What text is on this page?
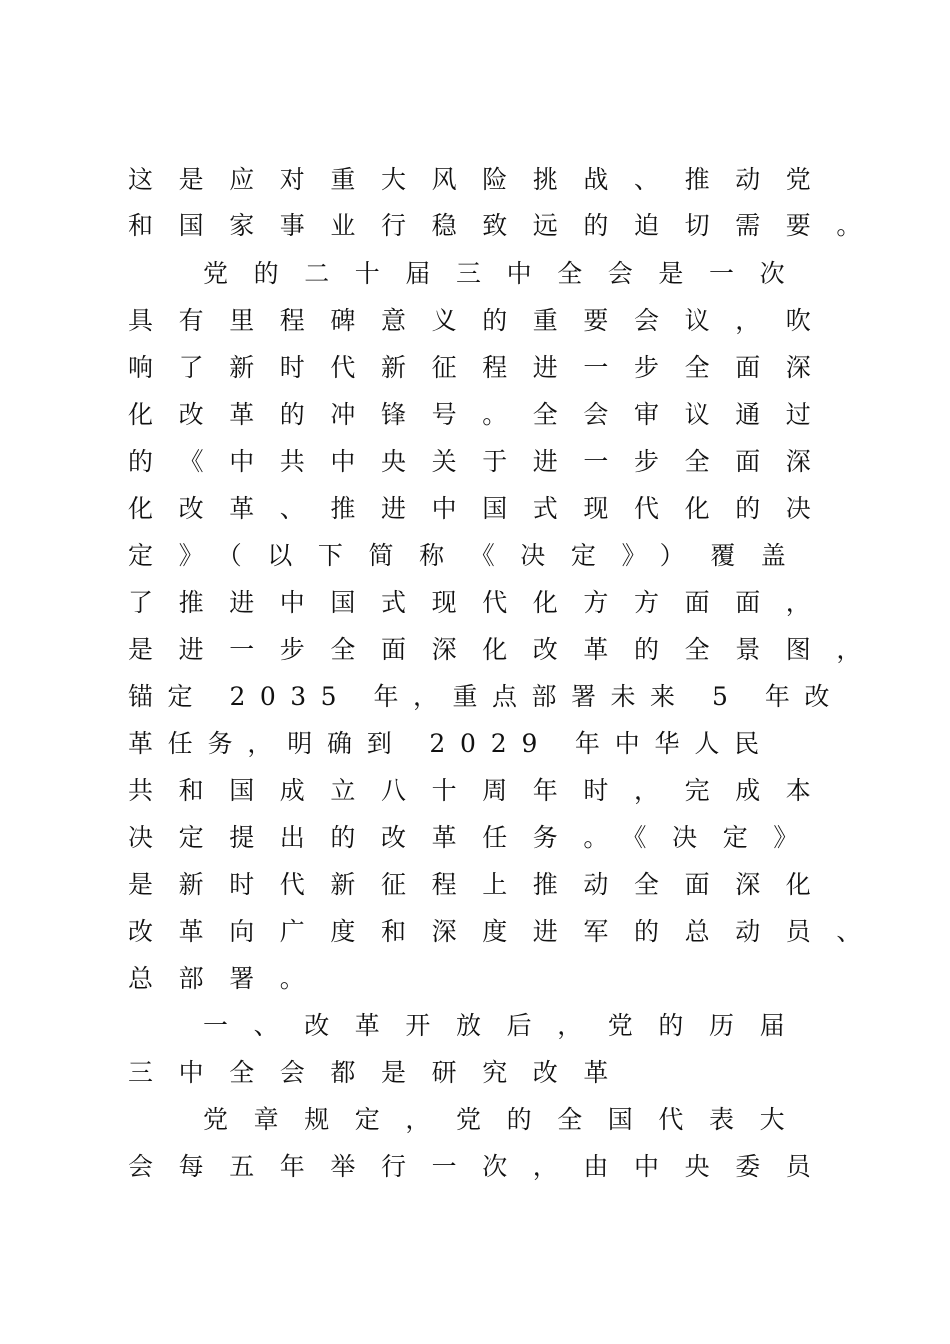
这是应对重大风险挑战、推动党
和国家事业行稳致远的迫切需要。
党的二十届三中全会是一次
具有里程碑意义的重要会议，吹
响了新时代新征程进一步全面深
化改革的冲锋号。全会审议通过
的《中共中央关于进一步全面深
化改革、推进中国式现代化的决
定》（以下简称《决定》）覆盖
了推进中国式现代化方方面面，
是进一步全面深化改革的全景图，
锚定 2035 年，重点部署未来 5 年改
革任务，明确到 2029 年中华人民
共和国成立八十周年时，完成本
决定提出的改革任务。《决定》
是新时代新征程上推动全面深化
改革向广度和深度进军的总动员、
总部署。
一、改革开放后，党的历届
三中全会都是研究改革
党章规定，党的全国代表大
会每五年举行一次，由中央委员
